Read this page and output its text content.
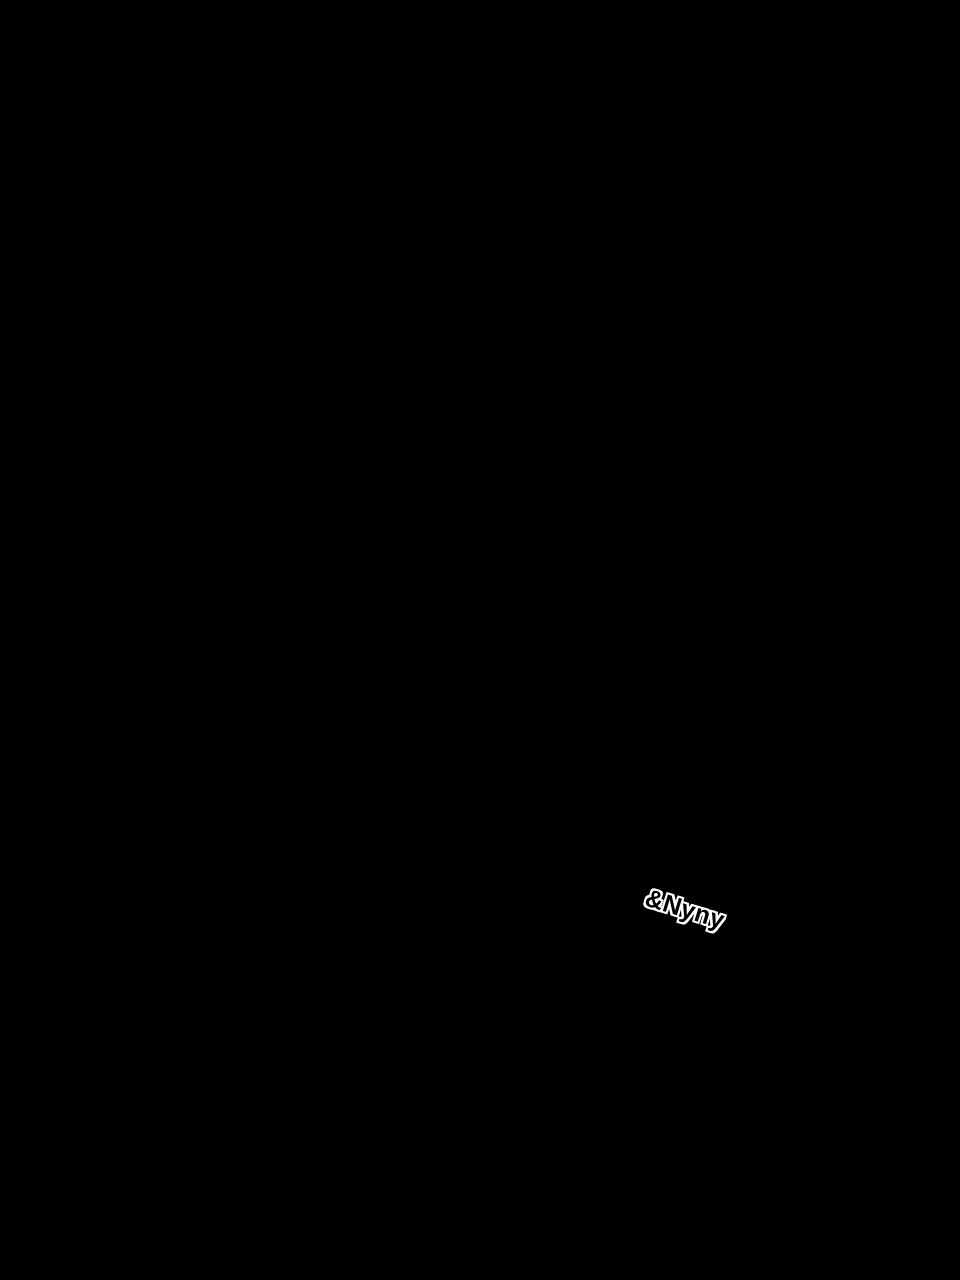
&Nyny
